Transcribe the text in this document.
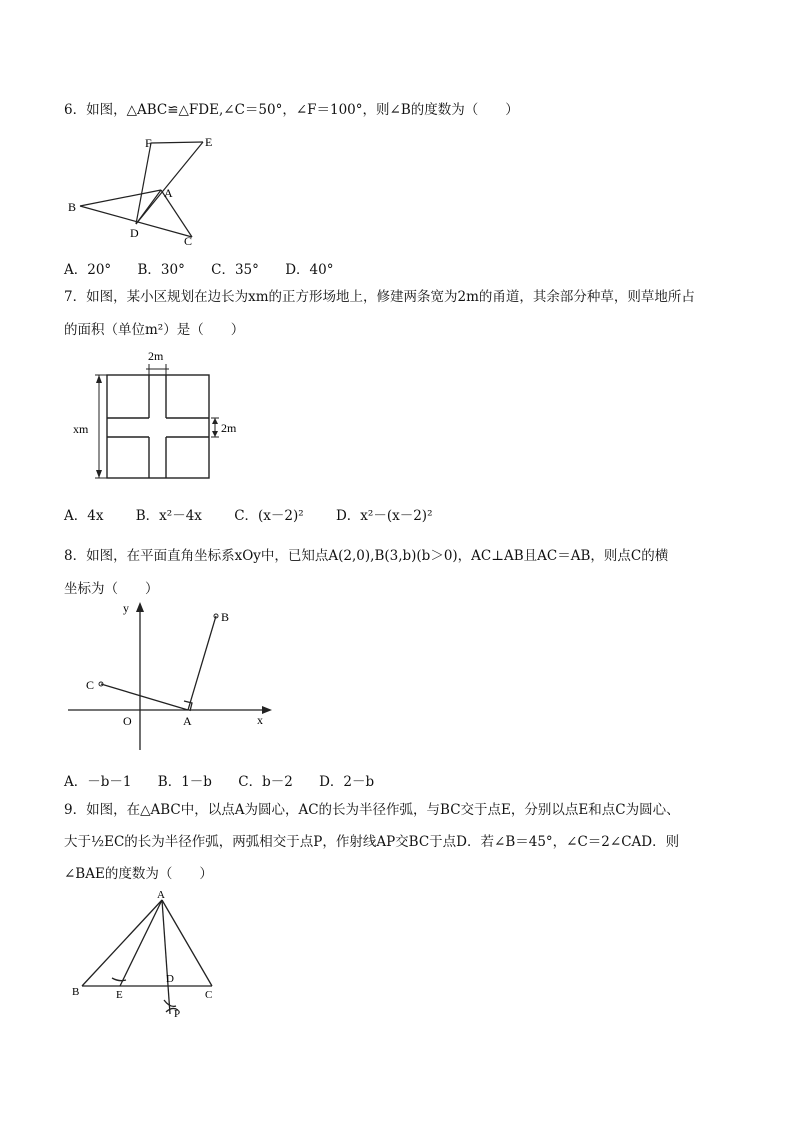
6．如图，△ABC≌△FDE,∠C＝50°，∠F＝100°，则∠B的度数为（　　）
F	E
A
B
D
C
A．20° B．30° C．35° D．40°
7．如图，某小区规划在边长为xm的正方形场地上，修建两条宽为2m的甬道，其余部分种草，则草地所占
的面积（单位m²）是（　　）
2m
2m
xm
A．4x B．x²－4x C．(x－2)² D．x²－(x－2)²
8．如图，在平面直角坐标系xOy中，已知点A(2,0),B(3,b)(b＞0)，AC⊥AB且AC＝AB，则点C的横
坐标为（　　）
y
x
O	A
B
C
A．－b－1 B．1－b C．b－2 D．2－b
9．如图，在△ABC中，以点A为圆心，AC的长为半径作弧，与BC交于点E，分别以点E和点C为圆心、
大于½EC的长为半径作弧，两弧相交于点P，作射线AP交BC于点D．若∠B＝45°，∠C＝2∠CAD．则
∠BAE的度数为（　　）
A
B	E
D
C
P
